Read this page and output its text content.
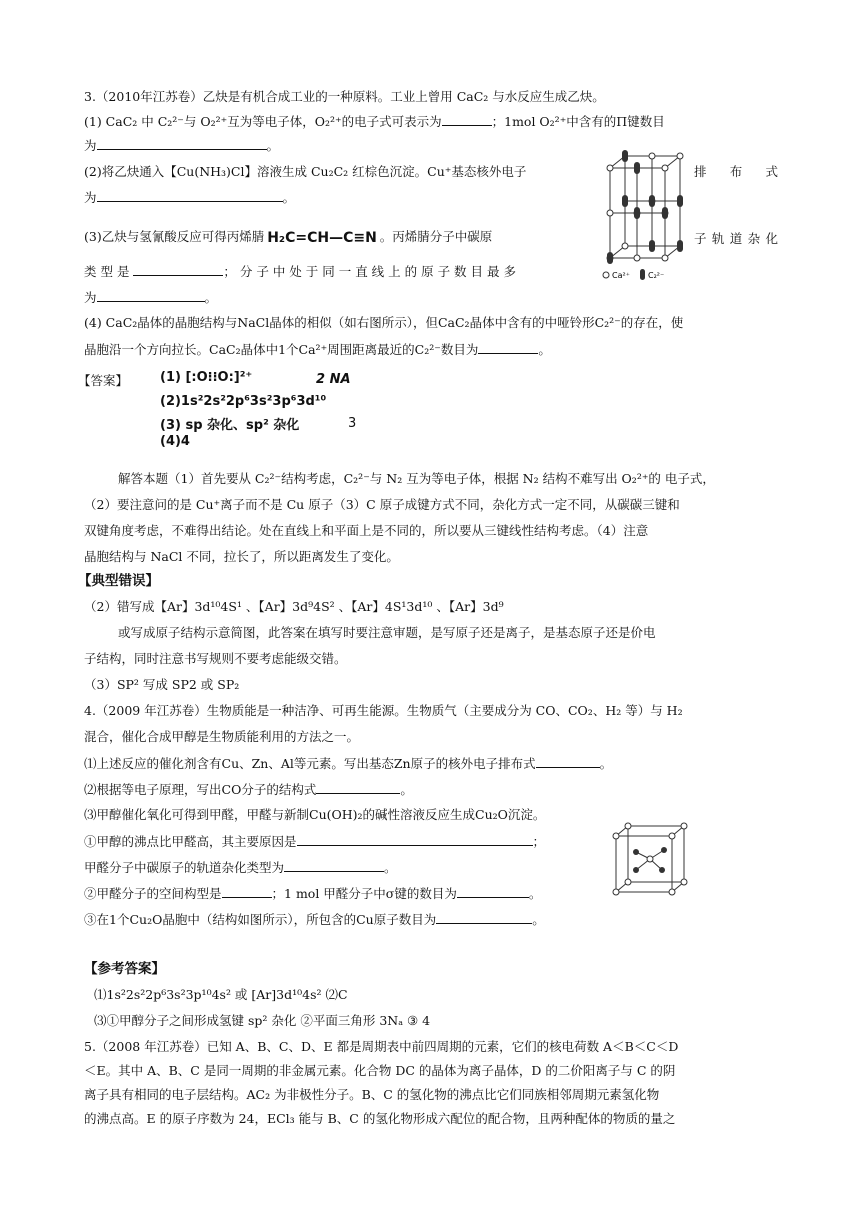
3.（2010年江苏卷）乙炔是有机合成工业的一种原料。工业上曾用 CaC₂ 与水反应生成乙炔。
(1) CaC₂ 中 C₂²⁻与 O₂²⁺互为等电子体，O₂²⁺的电子式可表示为	；1mol O₂²⁺中含有的Π键数目
为	。
(2)将乙炔通入【Cu(NH₃)Cl】溶液生成 Cu₂C₂ 红棕色沉淀。Cu⁺基态核外电子	排　布　式
为	。
(3)乙炔与氢氰酸反应可得丙烯腈 H₂C=CH—C≡N 。丙烯腈分子中碳原	子轨道杂化
类 型 是	； 分 子 中 处 于 同 一 直 线 上 的 原 子 数 目 最 多
为	。
(4) CaC₂晶体的晶胞结构与NaCl晶体的相似（如右图所示），但CaC₂晶体中含有的中哑铃形C₂²⁻的存在，使
晶胞沿一个方向拉长。CaC₂晶体中1个Ca²⁺周围距离最近的C₂²⁻数目为	。
Ca²⁺ C₂²⁻
【答案】 (1) [:O⁝⁝O:]²⁺	2 NA
(2)1s²2s²2p⁶3s²3p⁶3d¹⁰
(3) sp 杂化、sp² 杂化	3
(4)4
解答本题（1）首先要从 C₂²⁻结构考虑，C₂²⁻与 N₂ 互为等电子体，根据 N₂ 结构不难写出 O₂²⁺的 电子式，
（2）要注意问的是 Cu⁺离子而不是 Cu 原子（3）C 原子成键方式不同，杂化方式一定不同，从碳碳三键和
双键角度考虑，不难得出结论。处在直线上和平面上是不同的，所以要从三键线性结构考虑。（4）注意
晶胞结构与 NaCl 不同，拉长了，所以距离发生了变化。
【典型错误】
（2）错写成【Ar】3d¹⁰4S¹ 、【Ar】3d⁹4S² 、【Ar】4S¹3d¹⁰ 、【Ar】3d⁹
或写成原子结构示意简图，此答案在填写时要注意审题，是写原子还是离子，是基态原子还是价电
子结构，同时注意书写规则不要考虑能级交错。
（3）SP² 写成 SP2 或 SP₂
4.（2009 年江苏卷）生物质能是一种洁净、可再生能源。生物质气（主要成分为 CO、CO₂、H₂ 等）与 H₂
混合，催化合成甲醇是生物质能利用的方法之一。
⑴上述反应的催化剂含有Cu、Zn、Al等元素。写出基态Zn原子的核外电子排布式	。
⑵根据等电子原理，写出CO分子的结构式	。
⑶甲醇催化氧化可得到甲醛，甲醛与新制Cu(OH)₂的碱性溶液反应生成Cu₂O沉淀。
①甲醇的沸点比甲醛高，其主要原因是	；
甲醛分子中碳原子的轨道杂化类型为	。
②甲醛分子的空间构型是	；1 mol 甲醛分子中σ键的数目为	。
③在1个Cu₂O晶胞中（结构如图所示），所包含的Cu原子数目为	。
【参考答案】
⑴1s²2s²2p⁶3s²3p¹⁰4s² 或 [Ar]3d¹⁰4s² ⑵C
⑶①甲醇分子之间形成氢键 sp² 杂化 ②平面三角形 3Nₐ ③ 4
5.（2008 年江苏卷）已知 A、B、C、D、E 都是周期表中前四周期的元素，它们的核电荷数 A＜B＜C＜D
＜E。其中 A、B、C 是同一周期的非金属元素。化合物 DC 的晶体为离子晶体，D 的二价阳离子与 C 的阴
离子具有相同的电子层结构。AC₂ 为非极性分子。B、C 的氢化物的沸点比它们同族相邻周期元素氢化物
的沸点高。E 的原子序数为 24，ECl₃ 能与 B、C 的氢化物形成六配位的配合物，且两种配体的物质的量之
